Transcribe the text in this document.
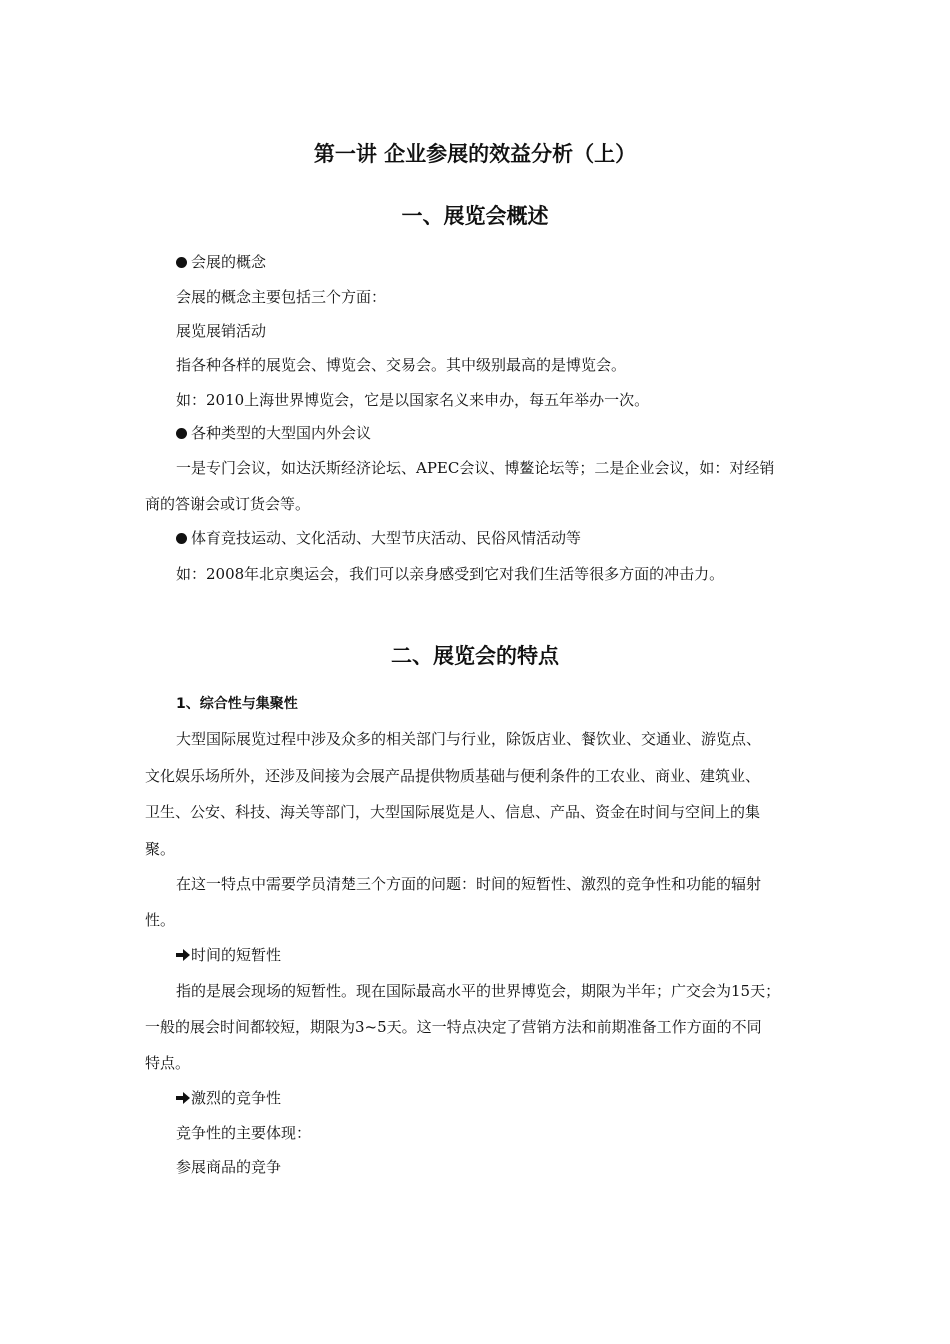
第一讲 企业参展的效益分析（上）
一、展览会概述
会展的概念
会展的概念主要包括三个方面：
展览展销活动
指各种各样的展览会、博览会、交易会。其中级别最高的是博览会。
如：2010上海世界博览会，它是以国家名义来申办，每五年举办一次。
各种类型的大型国内外会议
一是专门会议，如达沃斯经济论坛、APEC会议、博鳌论坛等；二是企业会议，如：对经销
商的答谢会或订货会等。
体育竞技运动、文化活动、大型节庆活动、民俗风情活动等
如：2008年北京奥运会，我们可以亲身感受到它对我们生活等很多方面的冲击力。
二、展览会的特点
1、综合性与集聚性
大型国际展览过程中涉及众多的相关部门与行业，除饭店业、餐饮业、交通业、游览点、
文化娱乐场所外，还涉及间接为会展产品提供物质基础与便利条件的工农业、商业、建筑业、
卫生、公安、科技、海关等部门，大型国际展览是人、信息、产品、资金在时间与空间上的集
聚。
在这一特点中需要学员清楚三个方面的问题：时间的短暂性、激烈的竞争性和功能的辐射
性。
时间的短暂性
指的是展会现场的短暂性。现在国际最高水平的世界博览会，期限为半年；广交会为15天；
一般的展会时间都较短，期限为3~5天。这一特点决定了营销方法和前期准备工作方面的不同
特点。
激烈的竞争性
竞争性的主要体现：
参展商品的竞争
